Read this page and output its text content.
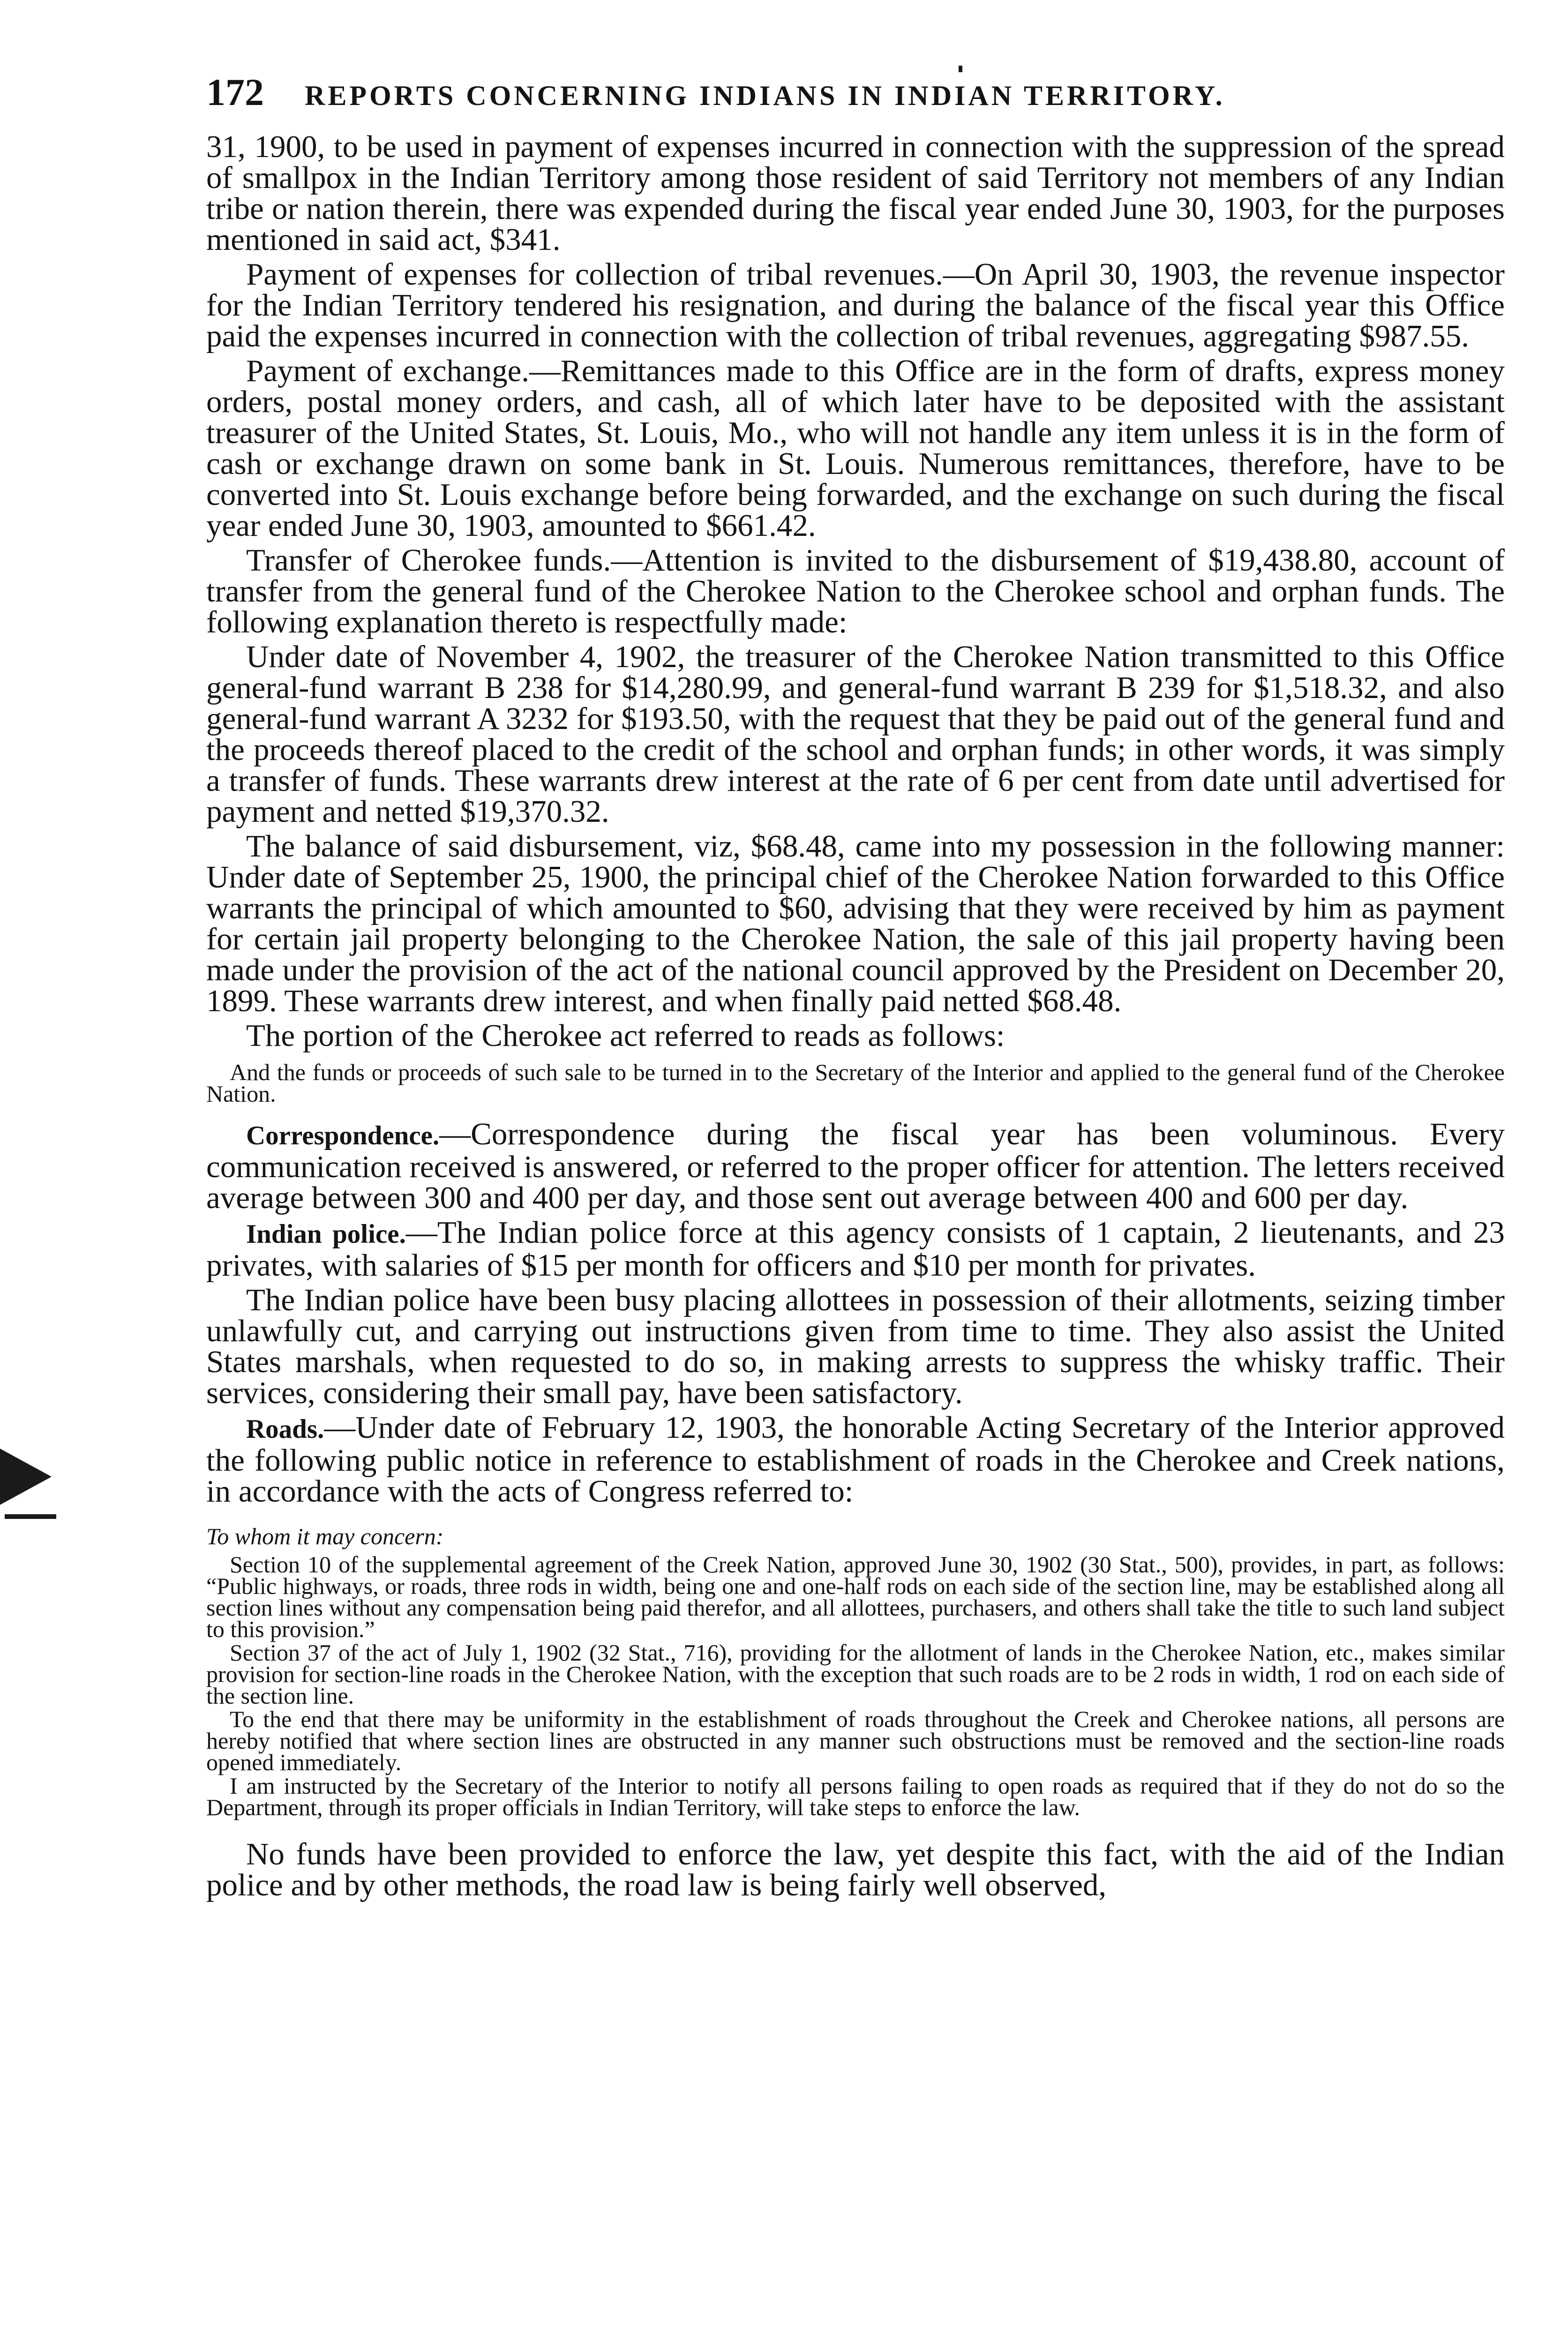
172	REPORTS CONCERNING INDIANS IN INDIAN TERRITORY.

31, 1900, to be used in payment of expenses incurred in connection with the suppression of the spread of smallpox in the Indian Territory among those resident of said Territory not members of any Indian tribe or nation therein, there was expended during the fiscal year ended June 30, 1903, for the purposes mentioned in said act, $341.

Payment of expenses for collection of tribal revenues.—On April 30, 1903, the revenue inspector for the Indian Territory tendered his resignation, and during the balance of the fiscal year this Office paid the expenses incurred in connection with the collection of tribal revenues, aggregating $987.55.

Payment of exchange.—Remittances made to this Office are in the form of drafts, express money orders, postal money orders, and cash, all of which later have to be deposited with the assistant treasurer of the United States, St. Louis, Mo., who will not handle any item unless it is in the form of cash or exchange drawn on some bank in St. Louis. Numerous remittances, therefore, have to be converted into St. Louis exchange before being forwarded, and the exchange on such during the fiscal year ended June 30, 1903, amounted to $661.42.

Transfer of Cherokee funds.—Attention is invited to the disbursement of $19,438.80, account of transfer from the general fund of the Cherokee Nation to the Cherokee school and orphan funds. The following explanation thereto is respectfully made:

Under date of November 4, 1902, the treasurer of the Cherokee Nation transmitted to this Office general-fund warrant B 238 for $14,280.99, and general-fund warrant B 239 for $1,518.32, and also general-fund warrant A 3232 for $193.50, with the request that they be paid out of the general fund and the proceeds thereof placed to the credit of the school and orphan funds; in other words, it was simply a transfer of funds. These warrants drew interest at the rate of 6 per cent from date until advertised for payment and netted $19,370.32.

The balance of said disbursement, viz, $68.48, came into my possession in the following manner: Under date of September 25, 1900, the principal chief of the Cherokee Nation forwarded to this Office warrants the principal of which amounted to $60, advising that they were received by him as payment for certain jail property belonging to the Cherokee Nation, the sale of this jail property having been made under the provision of the act of the national council approved by the President on December 20, 1899. These warrants drew interest, and when finally paid netted $68.48.

The portion of the Cherokee act referred to reads as follows:

And the funds or proceeds of such sale to be turned in to the Secretary of the Interior and applied to the general fund of the Cherokee Nation.

Correspondence.—Correspondence during the fiscal year has been voluminous. Every communication received is answered, or referred to the proper officer for attention. The letters received average between 300 and 400 per day, and those sent out average between 400 and 600 per day.

Indian police.—The Indian police force at this agency consists of 1 captain, 2 lieutenants, and 23 privates, with salaries of $15 per month for officers and $10 per month for privates.

The Indian police have been busy placing allottees in possession of their allotments, seizing timber unlawfully cut, and carrying out instructions given from time to time. They also assist the United States marshals, when requested to do so, in making arrests to suppress the whisky traffic. Their services, considering their small pay, have been satisfactory.

Roads.—Under date of February 12, 1903, the honorable Acting Secretary of the Interior approved the following public notice in reference to establishment of roads in the Cherokee and Creek nations, in accordance with the acts of Congress referred to:

To whom it may concern:

Section 10 of the supplemental agreement of the Creek Nation, approved June 30, 1902 (30 Stat., 500), provides, in part, as follows: “Public highways, or roads, three rods in width, being one and one-half rods on each side of the section line, may be established along all section lines without any compensation being paid therefor, and all allottees, purchasers, and others shall take the title to such land subject to this provision.”

Section 37 of the act of July 1, 1902 (32 Stat., 716), providing for the allotment of lands in the Cherokee Nation, etc., makes similar provision for section-line roads in the Cherokee Nation, with the exception that such roads are to be 2 rods in width, 1 rod on each side of the section line.

To the end that there may be uniformity in the establishment of roads throughout the Creek and Cherokee nations, all persons are hereby notified that where section lines are obstructed in any manner such obstructions must be removed and the section-line roads opened immediately.

I am instructed by the Secretary of the Interior to notify all persons failing to open roads as required that if they do not do so the Department, through its proper officials in Indian Territory, will take steps to enforce the law.

No funds have been provided to enforce the law, yet despite this fact, with the aid of the Indian police and by other methods, the road law is being fairly well observed,
